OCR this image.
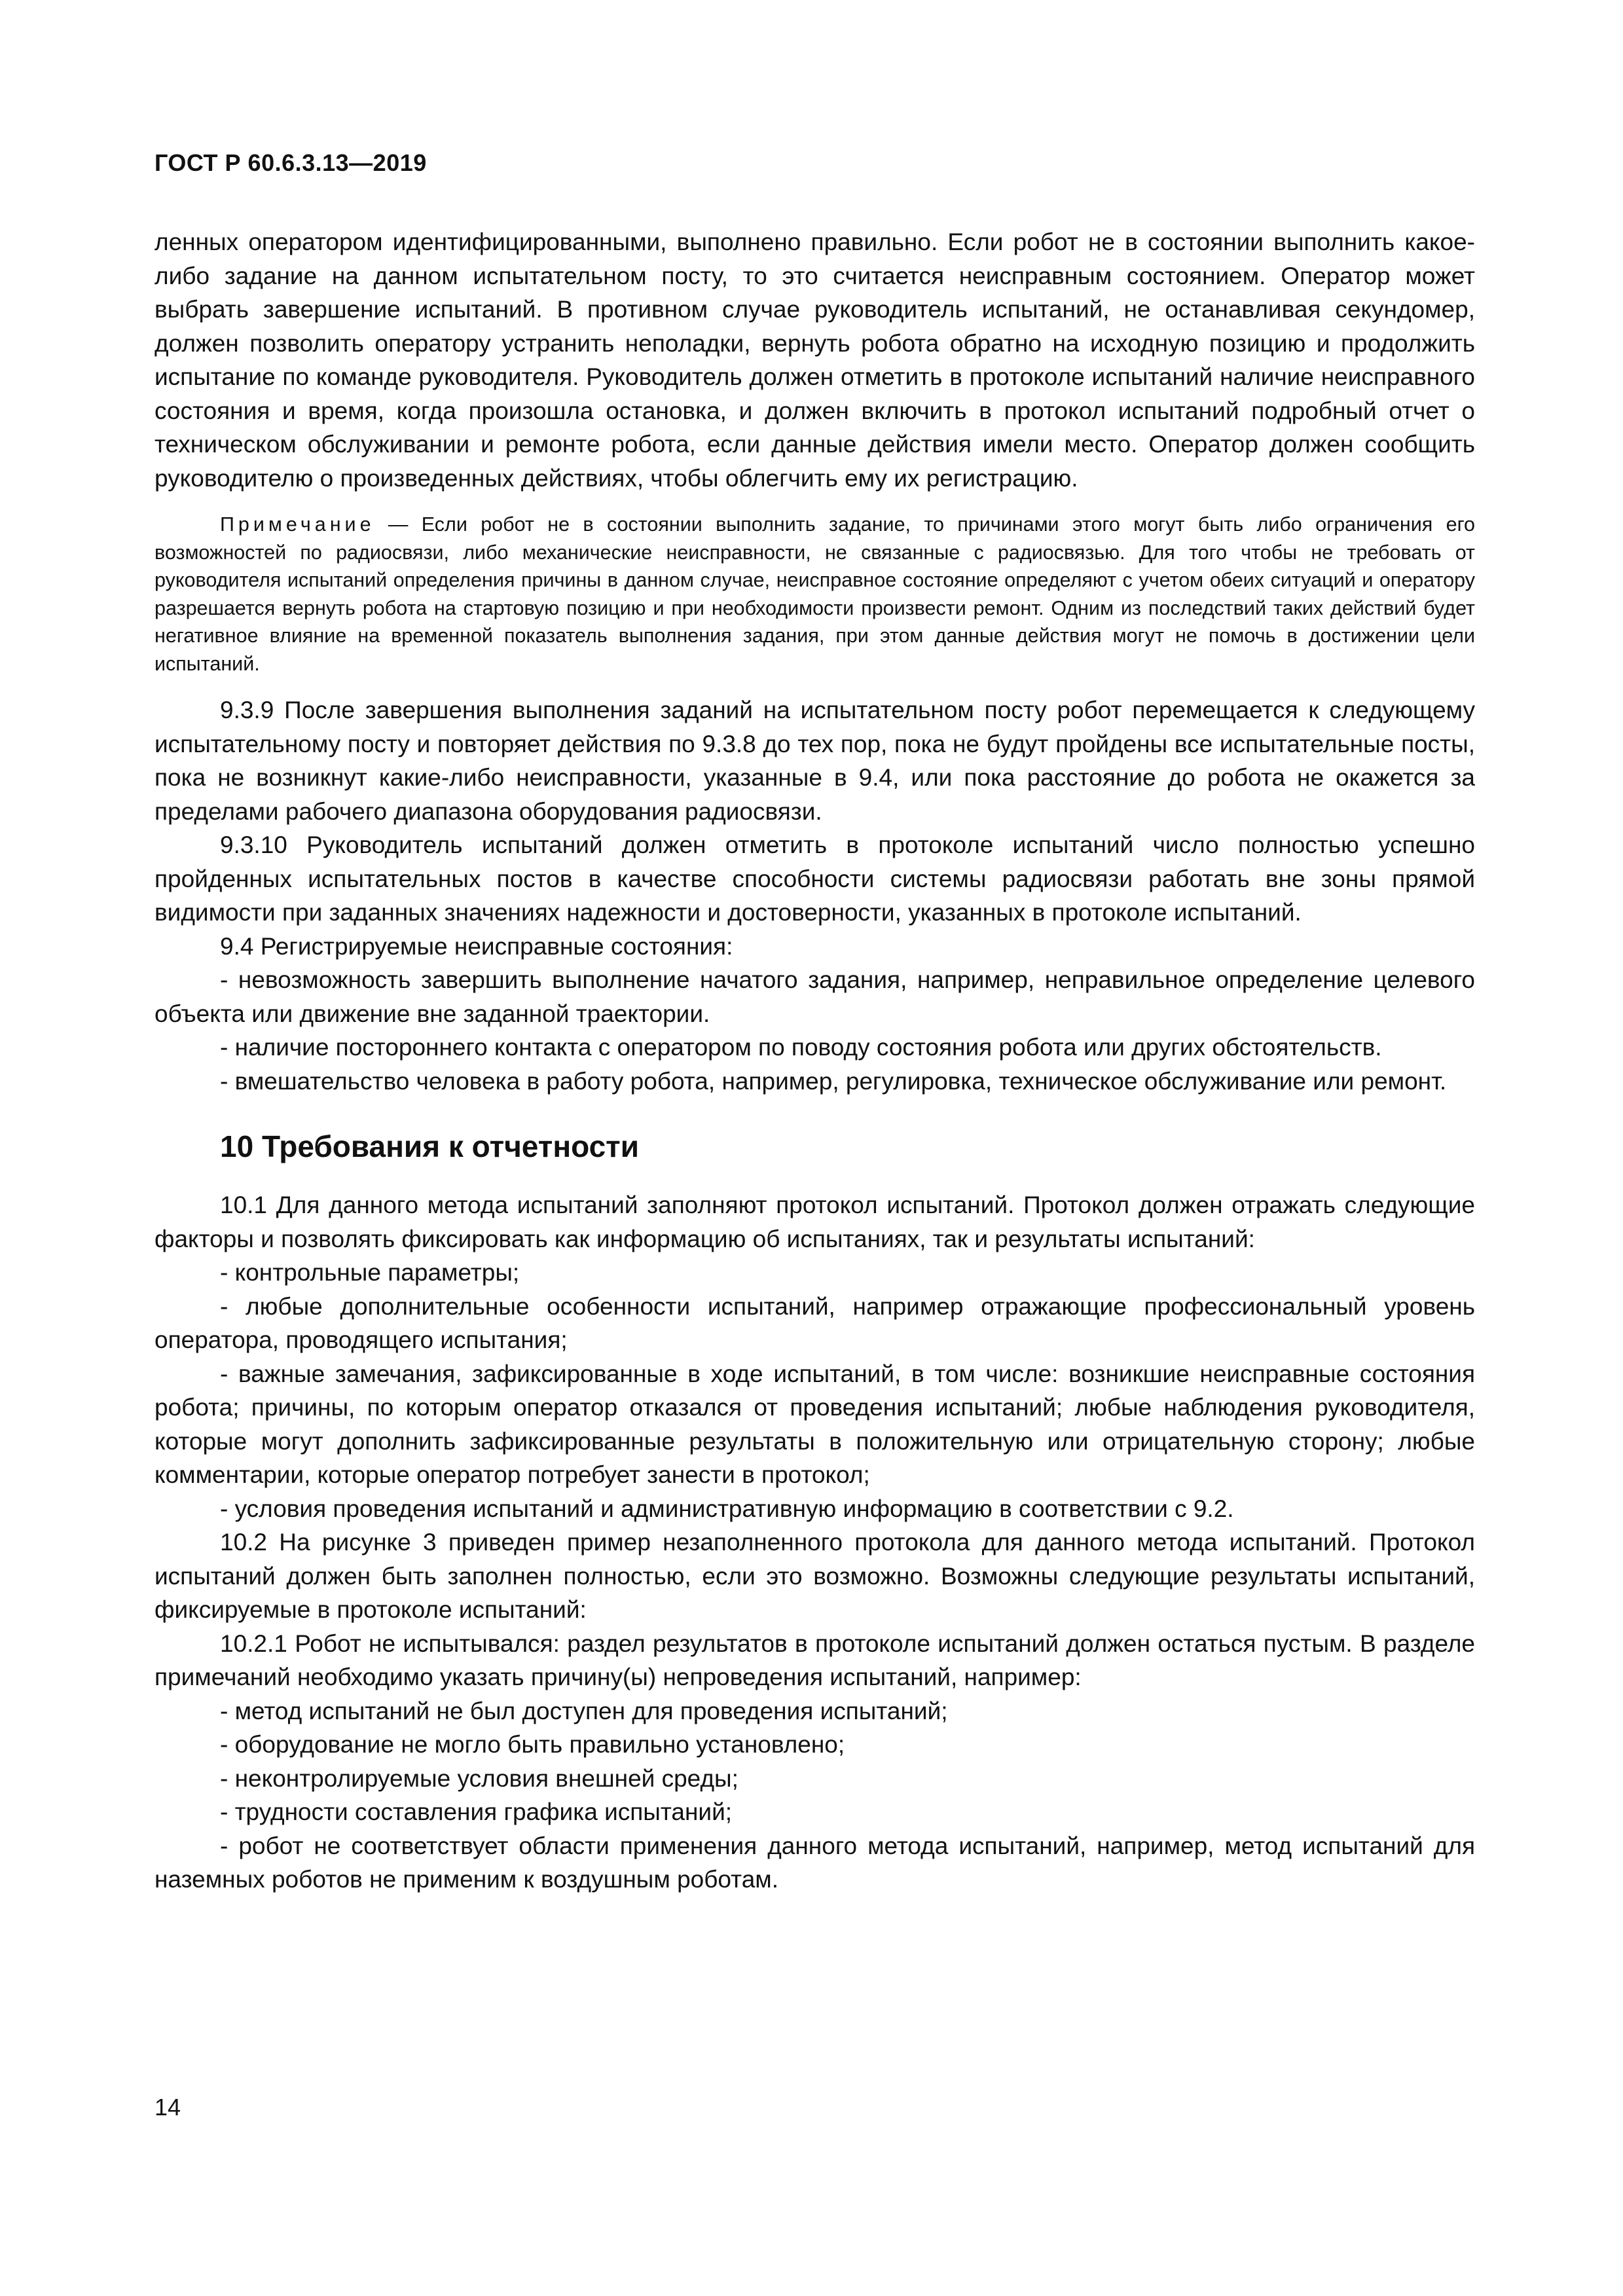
ГОСТ Р 60.6.3.13—2019

ленных оператором идентифицированными, выполнено правильно. Если робот не в состоянии выполнить какое-либо задание на данном испытательном посту, то это считается неисправным состоянием. Оператор может выбрать завершение испытаний. В противном случае руководитель испытаний, не останавливая секундомер, должен позволить оператору устранить неполадки, вернуть робота обратно на исходную позицию и продолжить испытание по команде руководителя. Руководитель должен отметить в протоколе испытаний наличие неисправного состояния и время, когда произошла остановка, и должен включить в протокол испытаний подробный отчет о техническом обслуживании и ремонте робота, если данные действия имели место. Оператор должен сообщить руководителю о произведенных действиях, чтобы облегчить ему их регистрацию.

Примечание — Если робот не в состоянии выполнить задание, то причинами этого могут быть либо ограничения его возможностей по радиосвязи, либо механические неисправности, не связанные с радиосвязью. Для того чтобы не требовать от руководителя испытаний определения причины в данном случае, неисправное состояние определяют с учетом обеих ситуаций и оператору разрешается вернуть робота на стартовую позицию и при необходимости произвести ремонт. Одним из последствий таких действий будет негативное влияние на временной показатель выполнения задания, при этом данные действия могут не помочь в достижении цели испытаний.

9.3.9 После завершения выполнения заданий на испытательном посту робот перемещается к следующему испытательному посту и повторяет действия по 9.3.8 до тех пор, пока не будут пройдены все испытательные посты, пока не возникнут какие-либо неисправности, указанные в 9.4, или пока расстояние до робота не окажется за пределами рабочего диапазона оборудования радиосвязи.

9.3.10 Руководитель испытаний должен отметить в протоколе испытаний число полностью успешно пройденных испытательных постов в качестве способности системы радиосвязи работать вне зоны прямой видимости при заданных значениях надежности и достоверности, указанных в протоколе испытаний.

9.4 Регистрируемые неисправные состояния:

- невозможность завершить выполнение начатого задания, например, неправильное определение целевого объекта или движение вне заданной траектории.

- наличие постороннего контакта с оператором по поводу состояния робота или других обстоятельств.

- вмешательство человека в работу робота, например, регулировка, техническое обслуживание или ремонт.

10 Требования к отчетности

10.1 Для данного метода испытаний заполняют протокол испытаний. Протокол должен отражать следующие факторы и позволять фиксировать как информацию об испытаниях, так и результаты испытаний:

- контрольные параметры;

- любые дополнительные особенности испытаний, например отражающие профессиональный уровень оператора, проводящего испытания;

- важные замечания, зафиксированные в ходе испытаний, в том числе: возникшие неисправные состояния робота; причины, по которым оператор отказался от проведения испытаний; любые наблюдения руководителя, которые могут дополнить зафиксированные результаты в положительную или отрицательную сторону; любые комментарии, которые оператор потребует занести в протокол;

- условия проведения испытаний и административную информацию в соответствии с 9.2.

10.2 На рисунке 3 приведен пример незаполненного протокола для данного метода испытаний. Протокол испытаний должен быть заполнен полностью, если это возможно. Возможны следующие результаты испытаний, фиксируемые в протоколе испытаний:

10.2.1 Робот не испытывался: раздел результатов в протоколе испытаний должен остаться пустым. В разделе примечаний необходимо указать причину(ы) непроведения испытаний, например:

- метод испытаний не был доступен для проведения испытаний;

- оборудование не могло быть правильно установлено;

- неконтролируемые условия внешней среды;

- трудности составления графика испытаний;

- робот не соответствует области применения данного метода испытаний, например, метод испытаний для наземных роботов не применим к воздушным роботам.

14
